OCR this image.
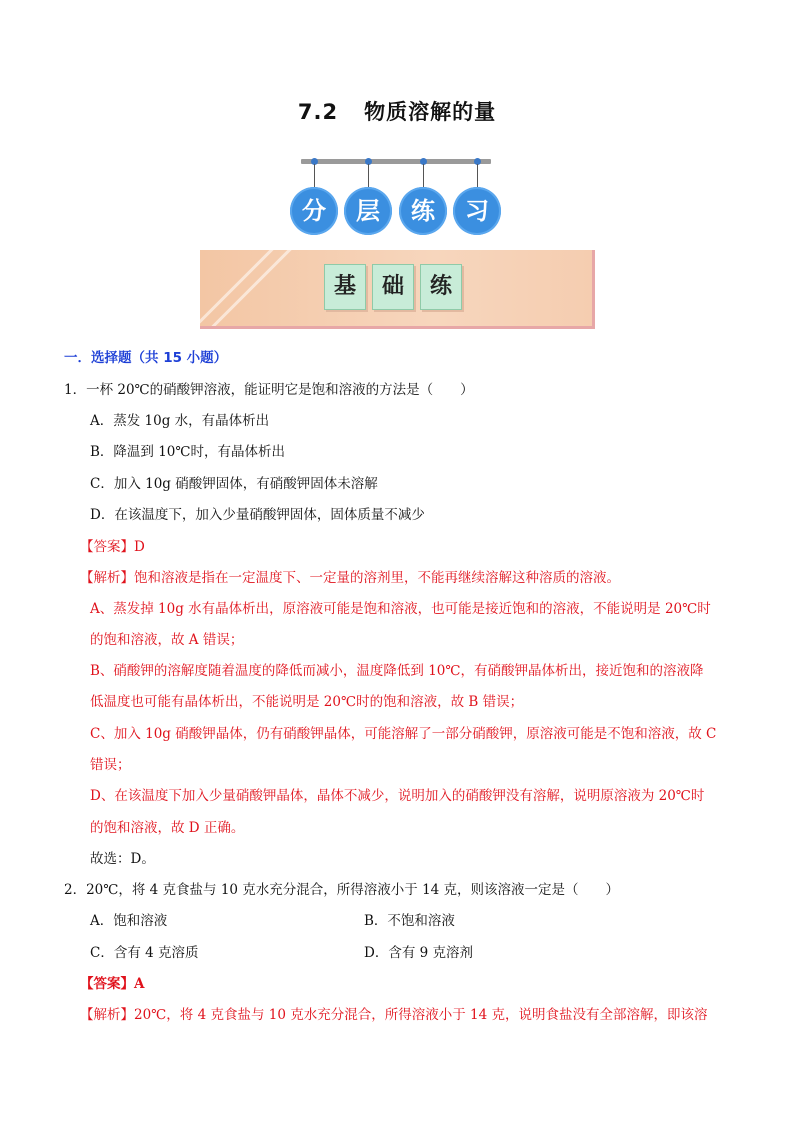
7.2 物质溶解的量
分	层	练	习
基	础	练
一．选择题（共 15 小题）
1．一杯 20℃的硝酸钾溶液，能证明它是饱和溶液的方法是（　　）
A．蒸发 10g 水，有晶体析出
B．降温到 10℃时，有晶体析出
C．加入 10g 硝酸钾固体，有硝酸钾固体未溶解
D．在该温度下，加入少量硝酸钾固体，固体质量不减少
【答案】D
【解析】饱和溶液是指在一定温度下、一定量的溶剂里，不能再继续溶解这种溶质的溶液。
A、蒸发掉 10g 水有晶体析出，原溶液可能是饱和溶液，也可能是接近饱和的溶液，不能说明是 20℃时
的饱和溶液，故 A 错误；
B、硝酸钾的溶解度随着温度的降低而减小，温度降低到 10℃，有硝酸钾晶体析出，接近饱和的溶液降
低温度也可能有晶体析出，不能说明是 20℃时的饱和溶液，故 B 错误；
C、加入 10g 硝酸钾晶体，仍有硝酸钾晶体，可能溶解了一部分硝酸钾，原溶液可能是不饱和溶液，故 C
错误；
D、在该温度下加入少量硝酸钾晶体，晶体不减少，说明加入的硝酸钾没有溶解，说明原溶液为 20℃时
的饱和溶液，故 D 正确。
故选：D。
2．20℃，将 4 克食盐与 10 克水充分混合，所得溶液小于 14 克，则该溶液一定是（　　）
A．饱和溶液	B．不饱和溶液
C．含有 4 克溶质	D．含有 9 克溶剂
【答案】A
【解析】20℃，将 4 克食盐与 10 克水充分混合，所得溶液小于 14 克，说明食盐没有全部溶解，即该溶
